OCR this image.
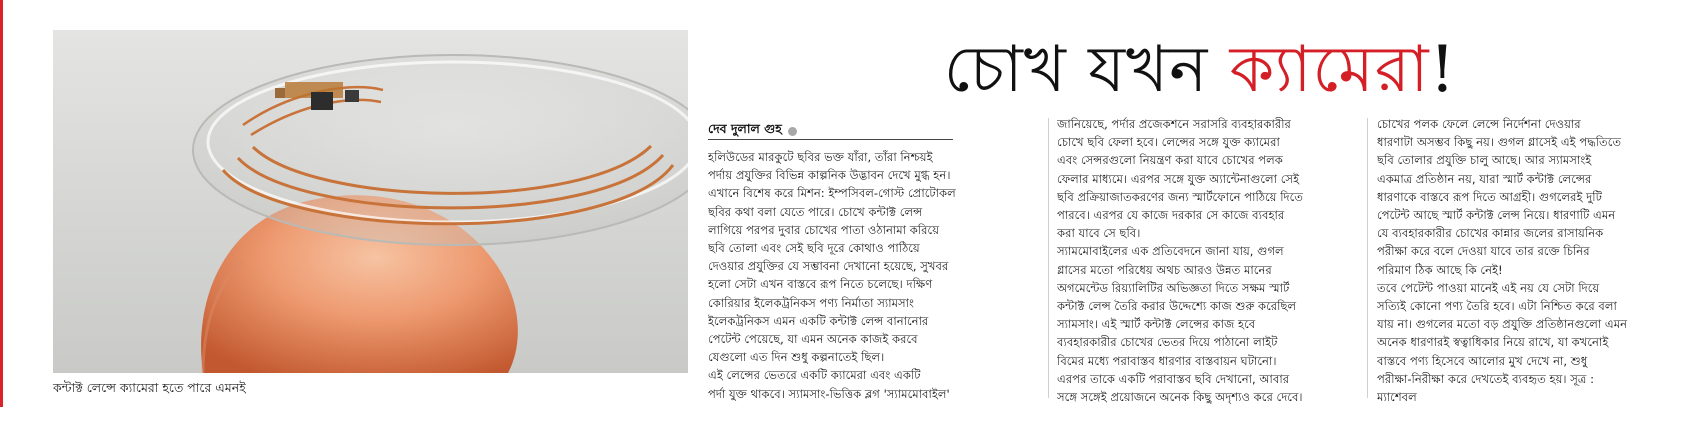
কন্টাক্ট লেন্সে ক্যামেরা হতে পারে এমনই
চোখ যখন ক্যামেরা!
দেব দুলাল গুহ
হলিউডের মারকুটে ছবির ভক্ত যাঁরা, তাঁরা নিশ্চয়ই
পর্দায় প্রযুক্তির বিভিন্ন কাল্পনিক উদ্ভাবন দেখে মুগ্ধ হন।
এখানে বিশেষ করে মিশন: ইম্পসিবল-গোস্ট প্রোটোকল
ছবির কথা বলা যেতে পারে। চোখে কন্টাক্ট লেন্স
লাগিয়ে পরপর দুবার চোখের পাতা ওঠানামা করিয়ে
ছবি তোলা এবং সেই ছবি দূরে কোথাও পাঠিয়ে
দেওয়ার প্রযুক্তির যে সম্ভাবনা দেখানো হয়েছে, সুখবর
হলো সেটা এখন বাস্তবে রূপ নিতে চলেছে। দক্ষিণ
কোরিয়ার ইলেকট্রনিকস পণ্য নির্মাতা স্যামসাং
ইলেকট্রনিকস এমন একটি কন্টাক্ট লেন্স বানানোর
পেটেন্ট পেয়েছে, যা এমন অনেক কাজই করবে
যেগুলো এত দিন শুধু কল্পনাতেই ছিল।
এই লেন্সের ভেতরে একটি ক্যামেরা এবং একটি
পর্দা যুক্ত থাকবে। স্যামসাং-ভিত্তিক ব্লগ 'স্যামমোবাইল'
জানিয়েছে, পর্দার প্রজেকশনে সরাসরি ব্যবহারকারীর
চোখে ছবি ফেলা হবে। লেন্সের সঙ্গে যুক্ত ক্যামেরা
এবং সেন্সরগুলো নিয়ন্ত্রণ করা যাবে চোখের পলক
ফেলার মাধ্যমে। এরপর সঙ্গে যুক্ত অ্যান্টেনাগুলো সেই
ছবি প্রক্রিয়াজাতকরণের জন্য স্মার্টফোনে পাঠিয়ে দিতে
পারবে। এরপর যে কাজে দরকার সে কাজে ব্যবহার
করা যাবে সে ছবি।
স্যামমোবাইলের এক প্রতিবেদনে জানা যায়, গুগল
গ্লাসের মতো পরিধেয় অথচ আরও উন্নত মানের
অগমেন্টেড রিয়্যালিটির অভিজ্ঞতা দিতে সক্ষম স্মার্ট
কন্টাক্ট লেন্স তৈরি করার উদ্দেশ্যে কাজ শুরু করেছিল
স্যামসাং। এই স্মার্ট কন্টাক্ট লেন্সের কাজ হবে
ব্যবহারকারীর চোখের ভেতর দিয়ে পাঠানো লাইট
বিমের মধ্যে পরাবাস্তব ধারণার বাস্তবায়ন ঘটানো।
এরপর তাকে একটি পরাবাস্তব ছবি দেখানো, আবার
সঙ্গে সঙ্গেই প্রয়োজনে অনেক কিছু অদৃশ্যও করে দেবে।
চোখের পলক ফেলে লেন্সে নির্দেশনা দেওয়ার
ধারণাটা অসম্ভব কিছু নয়। গুগল গ্লাসেই এই পদ্ধতিতে
ছবি তোলার প্রযুক্তি চালু আছে। আর স্যামসাংই
একমাত্র প্রতিষ্ঠান নয়, যারা স্মার্ট কন্টাক্ট লেন্সের
ধারণাকে বাস্তবে রূপ দিতে আগ্রহী। গুগলেরই দুটি
পেটেন্ট আছে স্মার্ট কন্টাক্ট লেন্স নিয়ে। ধারণাটি এমন
যে ব্যবহারকারীর চোখের কান্নার জলের রাসায়নিক
পরীক্ষা করে বলে দেওয়া যাবে তার রক্তে চিনির
পরিমাণ ঠিক আছে কি নেই!
তবে পেটেন্ট পাওয়া মানেই এই নয় যে সেটা দিয়ে
সত্যিই কোনো পণ্য তৈরি হবে। এটা নিশ্চিত করে বলা
যায় না। গুগলের মতো বড় প্রযুক্তি প্রতিষ্ঠানগুলো এমন
অনেক ধারণারই স্বত্বাধিকার নিয়ে রাখে, যা কখনোই
বাস্তবে পণ্য হিসেবে আলোর মুখ দেখে না, শুধু
পরীক্ষা-নিরীক্ষা করে দেখতেই ব্যবহৃত হয়। সূত্র :
ম্যাশেবল
